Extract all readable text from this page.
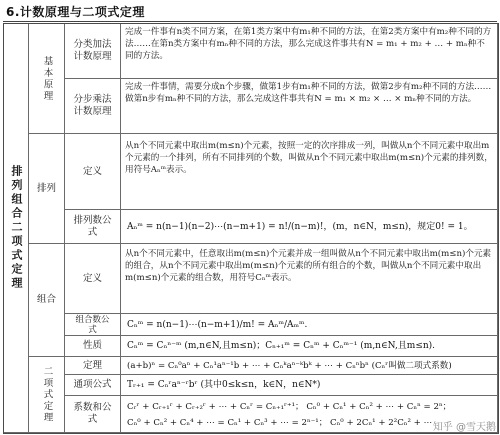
6.计数原理与二项式定理
排列组合二项式定理
基本原理
排列
组合
二项式定理
分类加法计数原理
分步乘法计数原理
定义
排列数公式
定义
组合数公式
性质
定理
通项公式
系数和公式
完成一件事有n类不同方案，在第1类方案中有m₁种不同的方法，在第2类方案中有m₂种不同的方法……在第n类方案中有mₙ种不同的方法，那么完成这件事共有N = m₁ + m₂ + … + mₙ种不同的方法。
完成一件事情，需要分成n个步骤，做第1步有m₁种不同的方法，做第2步有m₂种不同的方法……做第n步有mₙ种不同的方法，那么完成这件事共有N = m₁ × m₂ × … × mₙ种不同的方法。
从n个不同元素中取出m(m≤n)个元素，按照一定的次序排成一列，叫做从n个不同元素中取出m个元素的一个排列，所有不同排列的个数，叫做从n个不同元素中取出m(m≤n)个元素的排列数，用符号Aₙᵐ表示。
Aₙᵐ = n(n−1)(n−2)⋯(n−m+1) = n!/(n−m)!，(m，n∈N，m≤n)，规定0! = 1。
从n个不同元素中，任意取出m(m≤n)个元素并成一组叫做从n个不同元素中取出m(m≤n)个元素的组合，从n个不同元素中取出m(m≤n)个元素的所有组合的个数，叫做从n个不同元素中取出m(m≤n)个元素的组合数，用符号Cₙᵐ表示。
Cₙᵐ = n(n−1)⋯(n−m+1)/m! = Aₙᵐ/Aₘᵐ.
Cₙᵐ = Cₙⁿ⁻ᵐ (m,n∈N,且m≤n)；Cₙ₊₁ᵐ = Cₙᵐ + Cₙᵐ⁻¹ (m,n∈N,且m≤n).
(a+b)ⁿ = Cₙ⁰aⁿ + Cₙ¹aⁿ⁻¹b + ⋯ + Cₙᵏaⁿ⁻ᵏbᵏ + ⋯ + Cₙⁿbⁿ (Cₙʳ叫做二项式系数)
Tᵣ₊₁ = Cₙʳaⁿ⁻ʳbʳ (其中0≤k≤n，k∈N，n∈N*)
Cᵣʳ + Cᵣ₊₁ʳ + Cᵣ₊₂ʳ + ⋯ + Cₙʳ = Cₙ₊₁ʳ⁺¹； Cₙ⁰ + Cₙ¹ + Cₙ² + ⋯ + Cₙⁿ = 2ⁿ；
Cₙ⁰ + Cₙ² + Cₙ⁴ + ⋯ = Cₙ¹ + Cₙ³ + ⋯ = 2ⁿ⁻¹； Cₙ⁰ + 2Cₙ¹ + 2²Cₙ² + ⋯ 知乎 @雪天鹅
